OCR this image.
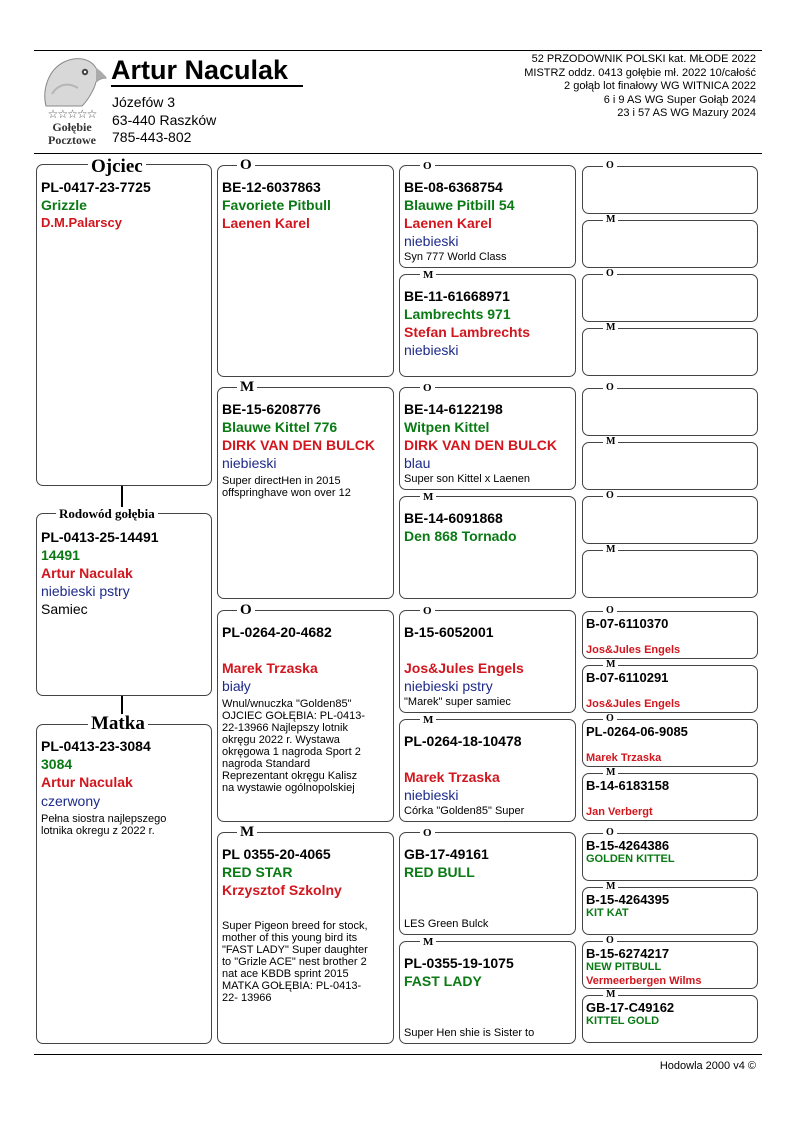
☆☆☆☆☆
Gołębie
Pocztowe
Artur Naculak
Józefów 3
63-440 Raszków
785-443-802
52 PRZODOWNIK POLSKI kat. MŁODE 2022
MISTRZ oddz. 0413 gołębie mł. 2022 10/całość
2 gołąb lot finałowy WG WITNICA 2022
6 i 9 AS WG Super Gołąb 2024
23 i 57 AS WG Mazury 2024
PL-0417-23-7725
Grizzle
D.M.Palarscy
Ojciec
PL-0413-25-14491
14491
Artur Naculak
niebieski pstry
Samiec
Rodowód gołębia
PL-0413-23-3084
3084
Artur Naculak
czerwony
Pełna siostra najlepszego lotnika okregu z 2022 r.
Matka
BE-12-6037863
Favoriete Pitbull
Laenen Karel
O
BE-15-6208776
Blauwe Kittel 776
DIRK VAN DEN BULCK
niebieski
Super directHen in 2015 offspringhave won over 12
M
PL-0264-20-4682
Marek Trzaska
biały
Wnul/wnuczka "Golden85" OJCIEC GOŁĘBIA: PL-0413-22-13966 Najlepszy lotnik okręgu 2022 r. Wystawa okręgowa 1 nagroda Sport 2 nagroda Standard Reprezentant okręgu Kalisz na wystawie ogólnopolskiej
O
PL 0355-20-4065
RED STAR
Krzysztof Szkolny
Super Pigeon breed for stock, mother of this young bird its "FAST LADY" Super daughter to "Grizle ACE" nest brother 2 nat ace KBDB sprint 2015 MATKA GOŁĘBIA: PL-0413-22- 13966
M
BE-08-6368754
Blauwe Pitbill 54
Laenen Karel
niebieski
Syn 777 World Class
O
BE-11-61668971
Lambrechts 971
Stefan Lambrechts
niebieski
M
BE-14-6122198
Witpen Kittel
DIRK VAN DEN BULCK
blau
Super son Kittel x Laenen
O
BE-14-6091868
Den 868 Tornado
M
B-15-6052001
Jos&Jules Engels
niebieski pstry
"Marek" super samiec
O
PL-0264-18-10478
Marek Trzaska
niebieski
Córka "Golden85" Super
M
GB-17-49161
RED BULL
LES Green Bulck
O
PL-0355-19-1075
FAST LADY
Super Hen shie is Sister to
M
O
M
O
M
O
M
O
M
B-07-6110370
Jos&Jules Engels
O
B-07-6110291
Jos&Jules Engels
M
PL-0264-06-9085
Marek Trzaska
O
B-14-6183158
Jan Verbergt
M
B-15-4264386
GOLDEN KITTEL
O
B-15-4264395
KIT KAT
M
B-15-6274217
NEW PITBULL
Vermeerbergen Wilms
O
GB-17-C49162
KITTEL GOLD
M
Hodowla 2000 v4 ©
